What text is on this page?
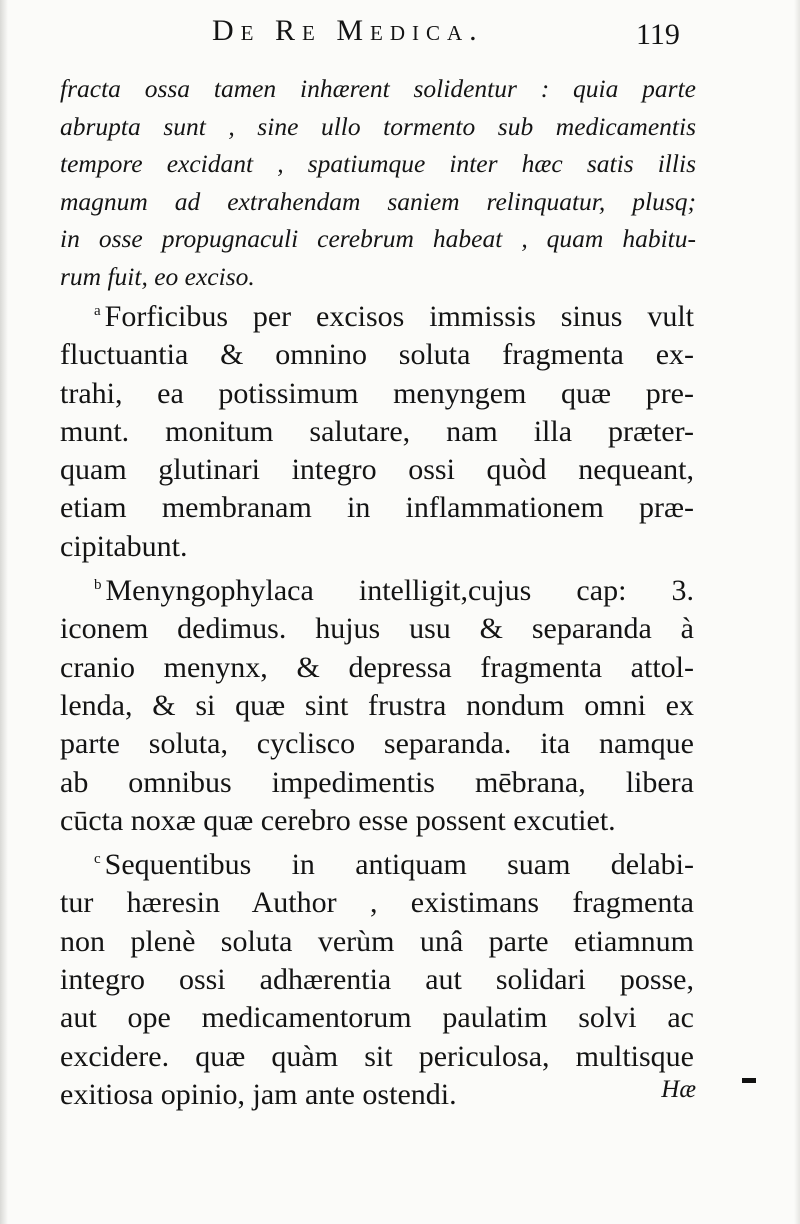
De Re Medica.	119
fracta ossa tamen inhærent solidentur : quia parte
abrupta sunt , sine ullo tormento sub medicamentis
tempore excidant , spatiumque inter hæc satis illis
magnum ad extrahendam saniem relinquatur, plusq;
in osse propugnaculi cerebrum habeat , quam habitu-
rum fuit, eo exciso.
$^a$ Forficibus per excisos immissis sinus vult
fluctuantia & omnino soluta fragmenta ex-
trahi, ea potissimum menyngem quæ pre-
munt. monitum salutare, nam illa præter-
quam glutinari integro ossi quòd nequeant,
etiam membranam in inflammationem præ-
cipitabunt.
$^b$ Menyngophylaca intelligit,cujus cap: 3.
iconem dedimus. hujus usu & separanda à
cranio menynx, & depressa fragmenta attol-
lenda, & si quæ sint frustra nondum omni ex
parte soluta, cyclisco separanda. ita namque
ab omnibus impedimentis mēbrana, libera
cūcta noxæ quæ cerebro esse possent excutiet.
$^c$ Sequentibus in antiquam suam delabi-
tur hæresin Author , existimans fragmenta
non plenè soluta verùm unâ parte etiamnum
integro ossi adhærentia aut solidari posse,
aut ope medicamentorum paulatim solvi ac
excidere. quæ quàm sit periculosa, multisque
exitiosa opinio, jam ante ostendi.	Hæ
